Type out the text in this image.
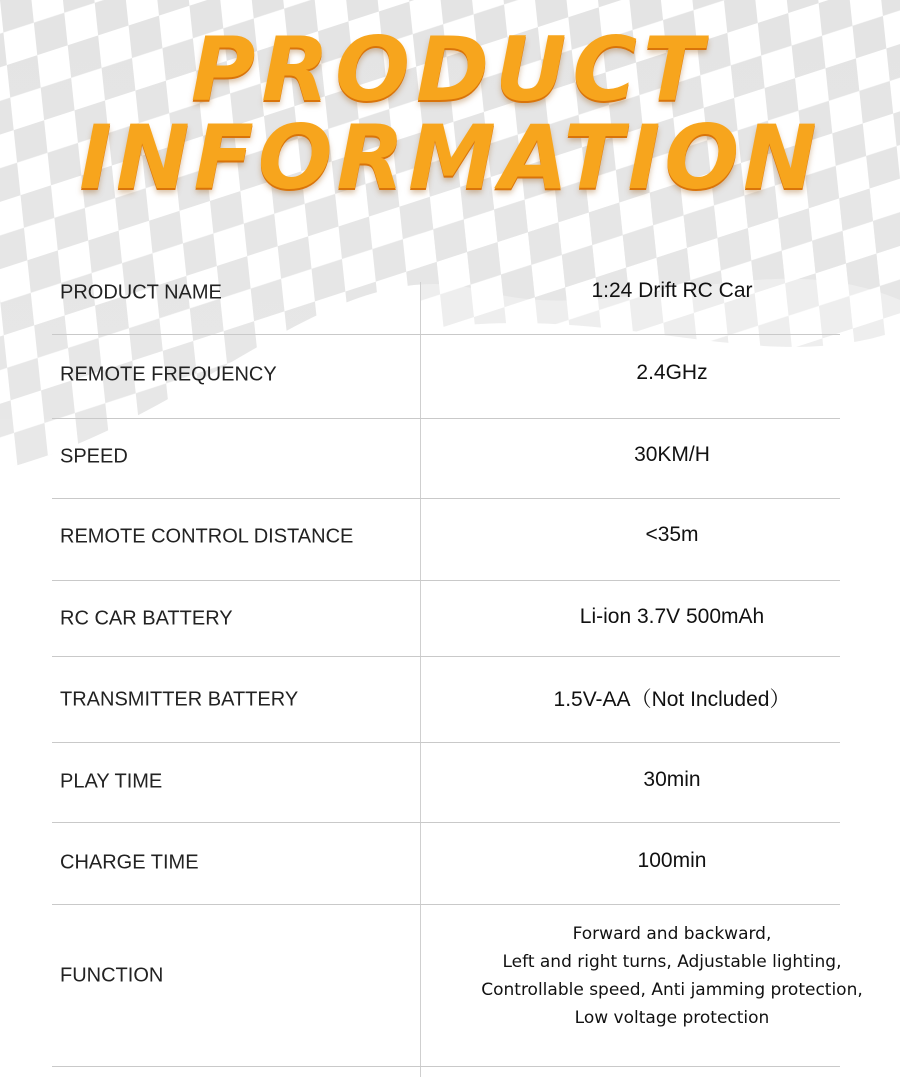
PRODUCT
INFORMATION
PRODUCT NAME	1:24 Drift RC Car
REMOTE FREQUENCY	2.4GHz
SPEED	30KM/H
REMOTE CONTROL DISTANCE	<35m
RC CAR BATTERY	Li-ion 3.7V 500mAh
TRANSMITTER BATTERY	1.5V-AA（Not Included）
PLAY TIME	30min
CHARGE TIME	100min
FUNCTION
Forward and backward,
Left and right turns, Adjustable lighting,
Controllable speed, Anti jamming protection,
Low voltage protection
